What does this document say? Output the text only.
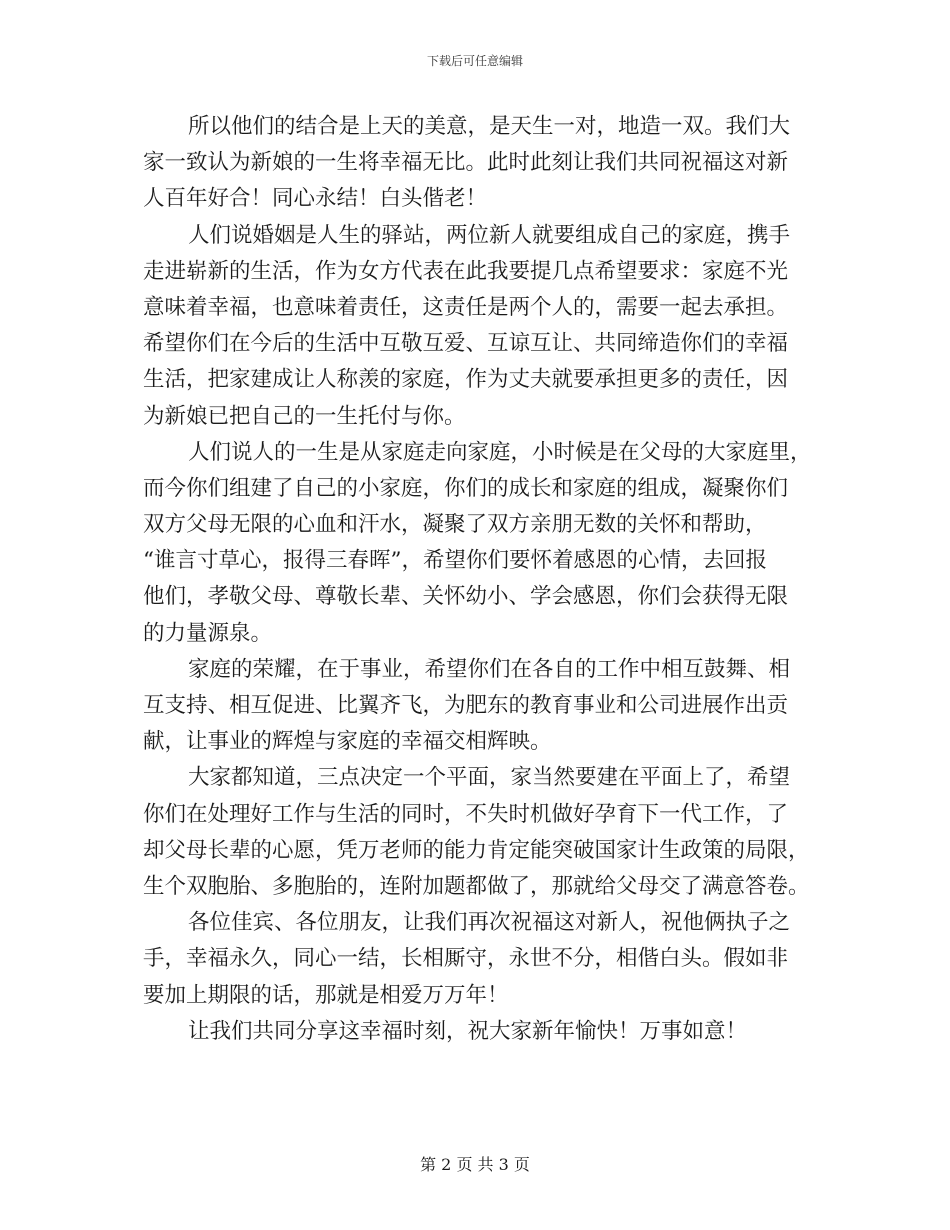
下载后可任意编辑
所以他们的结合是上天的美意，是天生一对，地造一双。我们大
家一致认为新娘的一生将幸福无比。此时此刻让我们共同祝福这对新
人百年好合！同心永结！白头偕老！
人们说婚姻是人生的驿站，两位新人就要组成自己的家庭，携手
走进崭新的生活，作为女方代表在此我要提几点希望要求：家庭不光
意味着幸福，也意味着责任，这责任是两个人的，需要一起去承担。
希望你们在今后的生活中互敬互爱、互谅互让、共同缔造你们的幸福
生活，把家建成让人称羡的家庭，作为丈夫就要承担更多的责任，因
为新娘已把自己的一生托付与你。
人们说人的一生是从家庭走向家庭，小时候是在父母的大家庭里，
而今你们组建了自己的小家庭，你们的成长和家庭的组成，凝聚你们
双方父母无限的心血和汗水，凝聚了双方亲朋无数的关怀和帮助，
“谁言寸草心，报得三春晖”，希望你们要怀着感恩的心情，去回报
他们，孝敬父母、尊敬长辈、关怀幼小、学会感恩，你们会获得无限
的力量源泉。
家庭的荣耀，在于事业，希望你们在各自的工作中相互鼓舞、相
互支持、相互促进、比翼齐飞，为肥东的教育事业和公司进展作出贡
献，让事业的辉煌与家庭的幸福交相辉映。
大家都知道，三点决定一个平面，家当然要建在平面上了，希望
你们在处理好工作与生活的同时，不失时机做好孕育下一代工作，了
却父母长辈的心愿，凭万老师的能力肯定能突破国家计生政策的局限，
生个双胞胎、多胞胎的，连附加题都做了，那就给父母交了满意答卷。
各位佳宾、各位朋友，让我们再次祝福这对新人，祝他俩执子之
手，幸福永久，同心一结，长相厮守，永世不分，相偕白头。假如非
要加上期限的话，那就是相爱万万年！
让我们共同分享这幸福时刻，祝大家新年愉快！万事如意！
第 2 页 共 3 页
